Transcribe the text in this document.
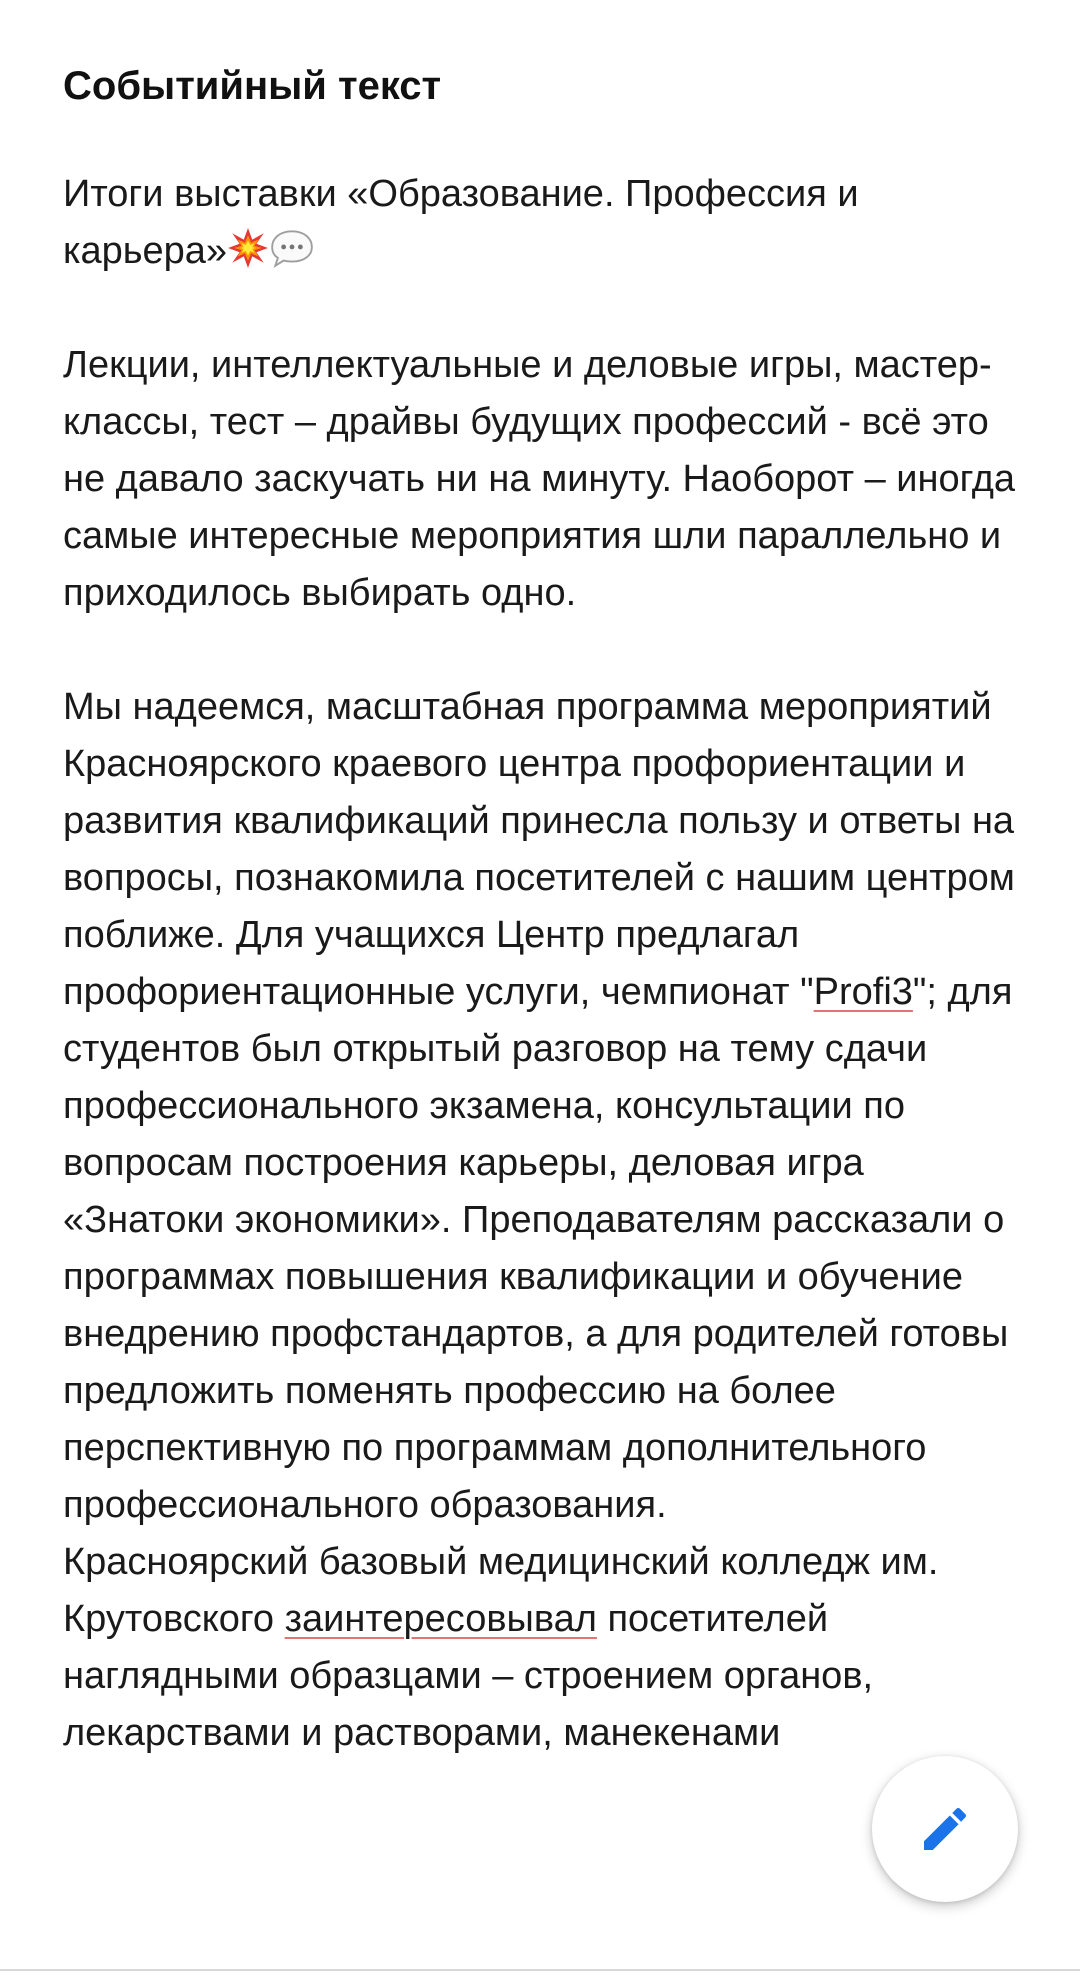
Событийный текст
Итоги выставки «Образование. Профессия и карьера»
Лекции, интеллектуальные и деловые игры, мастер-классы, тест – драйвы будущих профессий - всё это не давало заскучать ни на минуту. Наоборот – иногда самые интересные мероприятия шли параллельно и приходилось выбирать одно.
Мы надеемся, масштабная программа мероприятий Красноярского краевого центра профориентации и развития квалификаций принесла пользу и ответы на вопросы, познакомила посетителей с нашим центром поближе. Для учащихся Центр предлагал профориентационные услуги, чемпионат "Profi3"; для студентов был открытый разговор на тему сдачи профессионального экзамена, консультации по вопросам построения карьеры, деловая игра «Знатоки экономики». Преподавателям рассказали о программах повышения квалификации и обучение внедрению профстандартов, а для родителей готовы предложить поменять профессию на более перспективную по программам дополнительного профессионального образования.
Красноярский базовый медицинский колледж им. Крутовского заинтересовывал посетителей наглядными образцами – строением органов, лекарствами и растворами, манекенами
